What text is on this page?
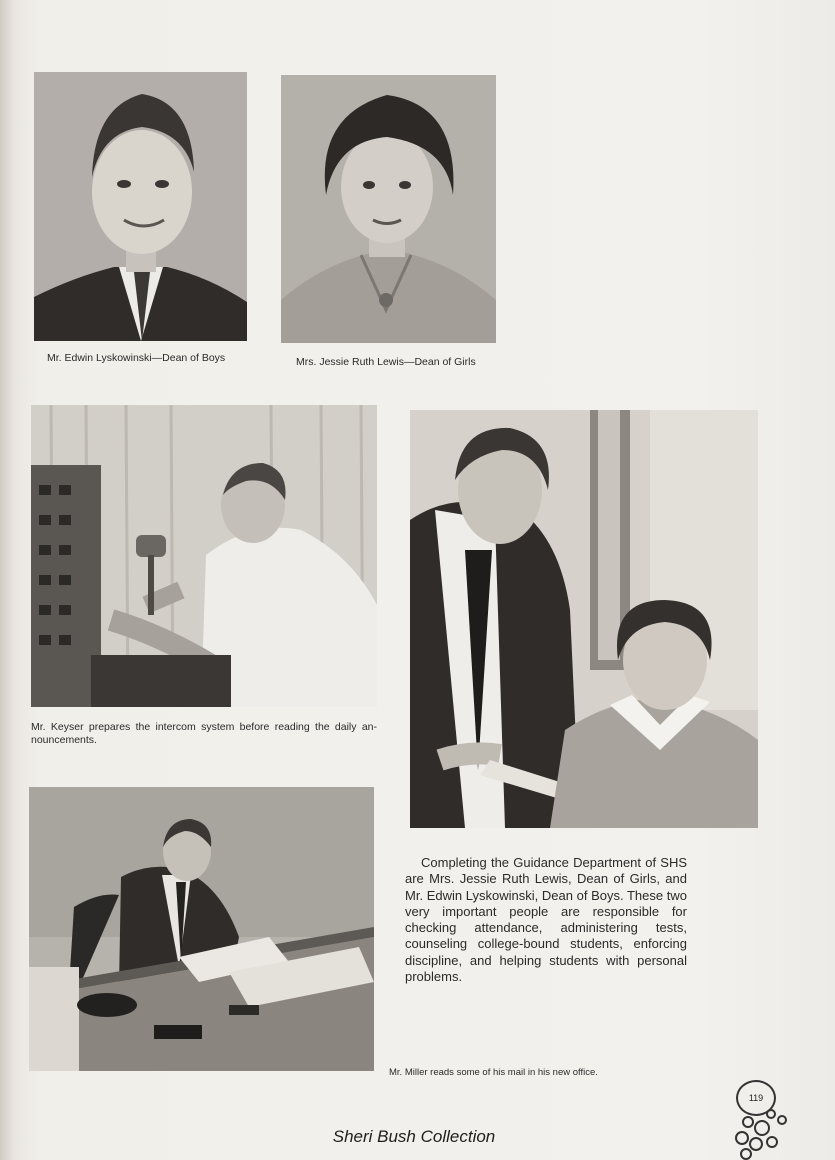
Mr. Edwin Lyskowinski—Dean of Boys	Mrs. Jessie Ruth Lewis—Dean of Girls
Mr. Keyser prepares the intercom system before reading the daily an-nouncements.

Completing the Guidance Department of SHS are Mrs. Jessie Ruth Lewis, Dean of Girls, and Mr. Edwin Lyskowinski, Dean of Boys. These two very important people are responsible for checking attendance, administering tests, counseling college-bound students, enforcing discipline, and helping students with personal problems.

Mr. Miller reads some of his mail in his new office.
119
Sheri Bush Collection
